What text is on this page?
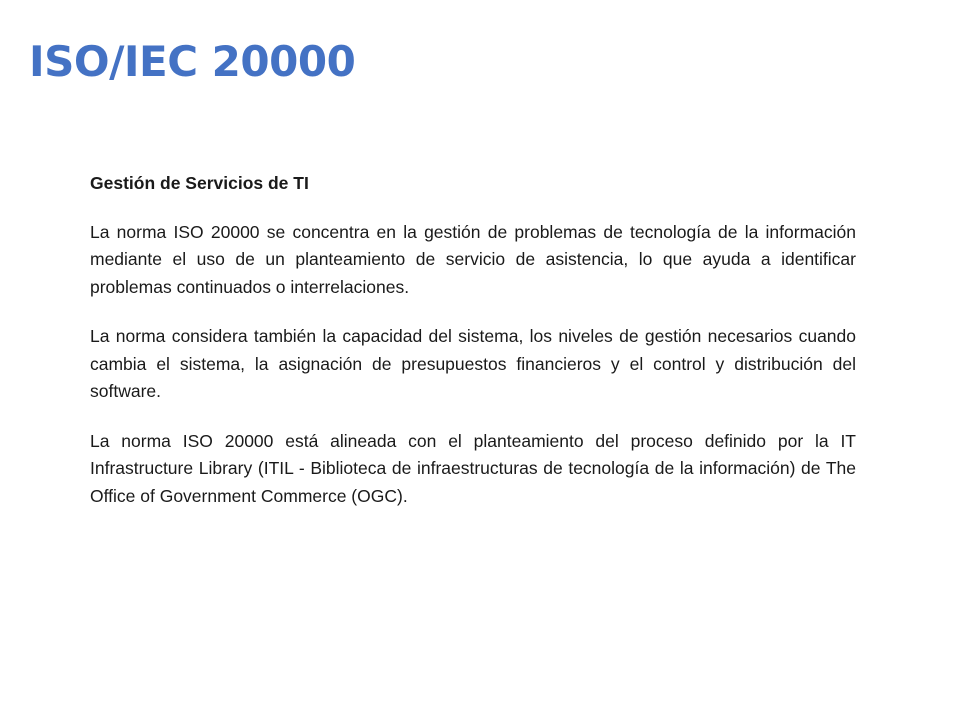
ISO/IEC 20000

Gestión de Servicios de TI

La norma ISO 20000 se concentra en la gestión de problemas de tecnología de la información mediante el uso de un planteamiento de servicio de asistencia, lo que ayuda a identificar problemas continuados o interrelaciones.

La norma considera también la capacidad del sistema, los niveles de gestión necesarios cuando cambia el sistema, la asignación de presupuestos financieros y el control y distribución del software.

La norma ISO 20000 está alineada con el planteamiento del proceso definido por la IT Infrastructure Library (ITIL - Biblioteca de infraestructuras de tecnología de la información) de The Office of Government Commerce (OGC).
